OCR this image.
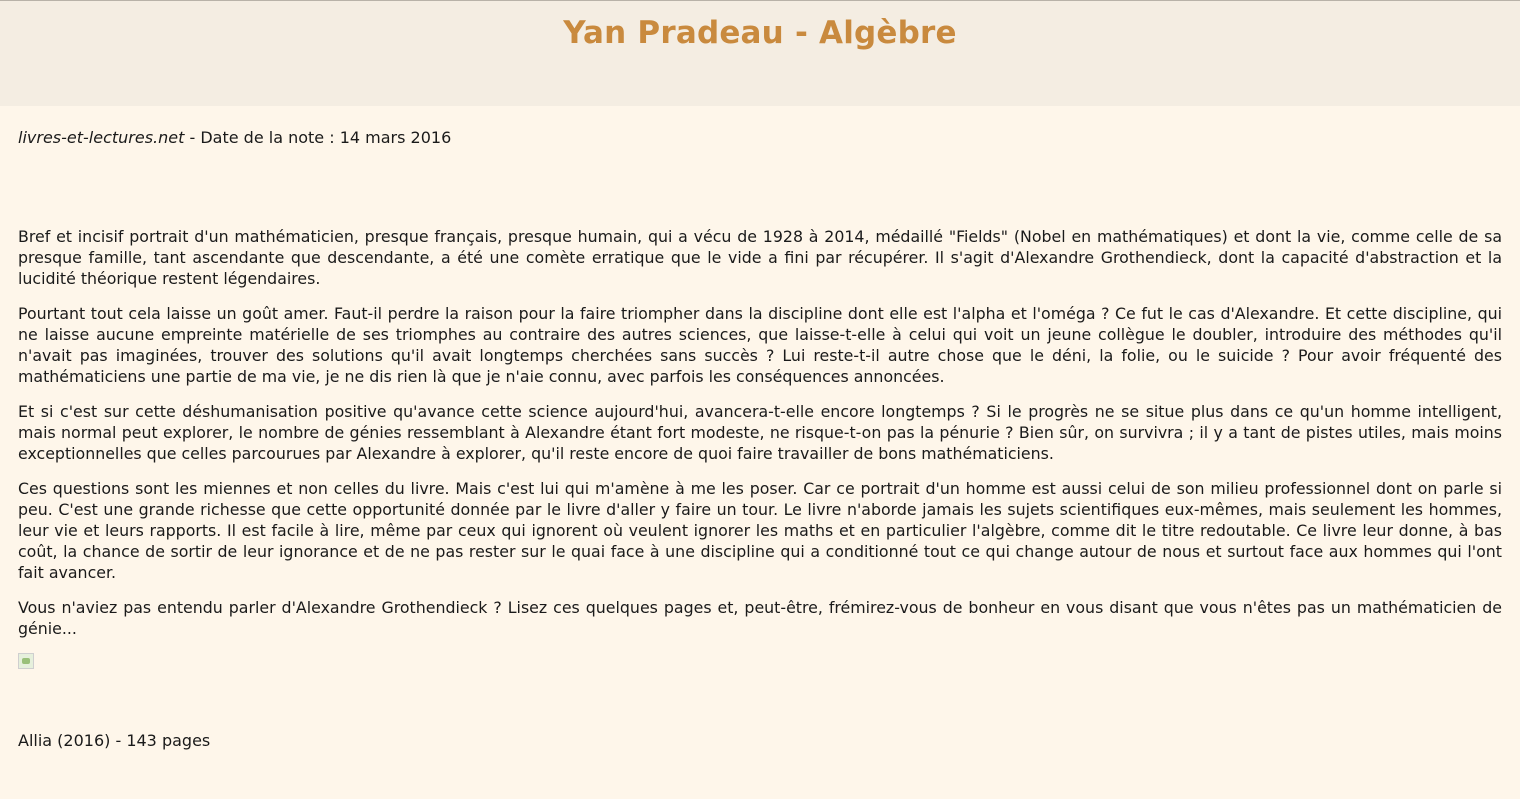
Yan Pradeau - Algèbre
livres-et-lectures.net - Date de la note : 14 mars 2016

Bref et incisif portrait d'un mathématicien, presque français, presque humain, qui a vécu de 1928 à 2014, médaillé "Fields" (Nobel en mathématiques) et dont la vie, comme celle de sa presque famille, tant ascendante que descendante, a été une comète erratique que le vide a fini par récupérer. Il s'agit d'Alexandre Grothendieck, dont la capacité d'abstraction et la lucidité théorique restent légendaires.

Pourtant tout cela laisse un goût amer. Faut-il perdre la raison pour la faire triompher dans la discipline dont elle est l'alpha et l'oméga ? Ce fut le cas d'Alexandre. Et cette discipline, qui ne laisse aucune empreinte matérielle de ses triomphes au contraire des autres sciences, que laisse-t-elle à celui qui voit un jeune collègue le doubler, introduire des méthodes qu'il n'avait pas imaginées, trouver des solutions qu'il avait longtemps cherchées sans succès ? Lui reste-t-il autre chose que le déni, la folie, ou le suicide ? Pour avoir fréquenté des mathématiciens une partie de ma vie, je ne dis rien là que je n'aie connu, avec parfois les conséquences annoncées.

Et si c'est sur cette déshumanisation positive qu'avance cette science aujourd'hui, avancera-t-elle encore longtemps ? Si le progrès ne se situe plus dans ce qu'un homme intelligent, mais normal peut explorer, le nombre de génies ressemblant à Alexandre étant fort modeste, ne risque-t-on pas la pénurie ? Bien sûr, on survivra ; il y a tant de pistes utiles, mais moins exceptionnelles que celles parcourues par Alexandre à explorer, qu'il reste encore de quoi faire travailler de bons mathématiciens.

Ces questions sont les miennes et non celles du livre. Mais c'est lui qui m'amène à me les poser. Car ce portrait d'un homme est aussi celui de son milieu professionnel dont on parle si peu. C'est une grande richesse que cette opportunité donnée par le livre d'aller y faire un tour. Le livre n'aborde jamais les sujets scientifiques eux-mêmes, mais seulement les hommes, leur vie et leurs rapports. Il est facile à lire, même par ceux qui ignorent où veulent ignorer les maths et en particulier l'algèbre, comme dit le titre redoutable. Ce livre leur donne, à bas coût, la chance de sortir de leur ignorance et de ne pas rester sur le quai face à une discipline qui a conditionné tout ce qui change autour de nous et surtout face aux hommes qui l'ont fait avancer.

Vous n'aviez pas entendu parler d'Alexandre Grothendieck ? Lisez ces quelques pages et, peut-être, frémirez-vous de bonheur en vous disant que vous n'êtes pas un mathématicien de génie...

Allia (2016) - 143 pages
